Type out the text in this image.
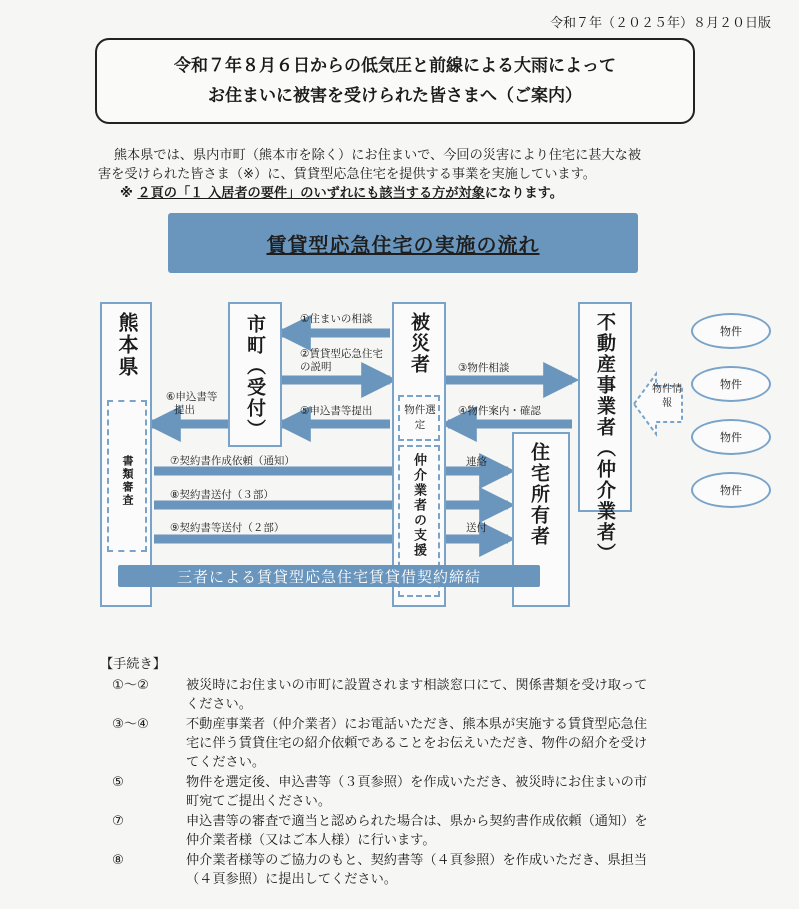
令和７年（２０２５年）８月２０日版
令和７年８月６日からの低気圧と前線による大雨によって
お住まいに被害を受けられた皆さまへ（ご案内）

熊本県では、県内市町（熊本市を除く）にお住まいで、今回の災害により住宅に甚大な被

害を受けられた皆さま（※）に、賃貸型応急住宅を提供する事業を実施しています。

※ ２頁の「１ 入居者の要件」のいずれにも該当する方が対象になります。

賃貸型応急住宅の実施の流れ
熊本県
書類審査
市町（受付）	被災者
物件選定
仲介業者の支援	住宅所有者 不動産事業者（仲介業者）	物件情報
物件
物件
物件
物件
①住まいの相談
②賃貸型応急住宅
の説明
⑤申込書等提出
⑥申込書等
提出
③物件相談
④物件案内・確認
⑦契約書作成依頼（通知）
⑧契約書送付（３部）
⑨契約書等送付（２部）
連絡
送付
三者による賃貸型応急住宅賃貸借契約締結
【手続き】
①～②	被災時にお住まいの市町に設置されます相談窓口にて、関係書類を受け取って
ください。
③～④	不動産事業者（仲介業者）にお電話いただき、熊本県が実施する賃貸型応急住
宅に伴う賃貸住宅の紹介依頼であることをお伝えいただき、物件の紹介を受け
てください。
⑤	物件を選定後、申込書等（３頁参照）を作成いただき、被災時にお住まいの市
町宛てご提出ください。
⑦	申込書等の審査で適当と認められた場合は、県から契約書作成依頼（通知）を
仲介業者様（又はご本人様）に行います。
⑧	仲介業者様等のご協力のもと、契約書等（４頁参照）を作成いただき、県担当
（４頁参照）に提出してください。
